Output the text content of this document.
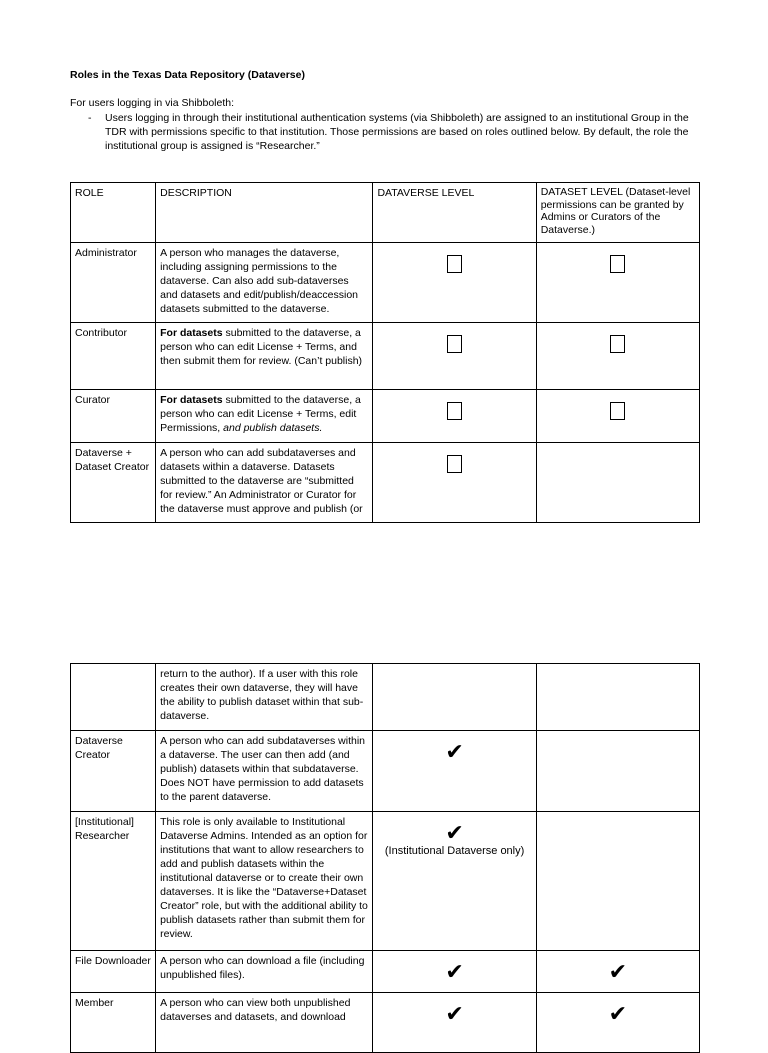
Roles in the Texas Data Repository (Dataverse)
For users logging in via Shibboleth:
- Users logging in through their institutional authentication systems (via Shibboleth) are assigned to an institutional Group in the TDR with permissions specific to that institution. Those permissions are based on roles outlined below. By default, the role the institutional group is assigned is “Researcher.”
ROLE	DESCRIPTION	DATAVERSE LEVEL	DATASET LEVEL (Dataset-level permissions can be granted by Admins or Curators of the Dataverse.)
Administrator	A person who manages the dataverse, including assigning permissions to the dataverse. Can also add sub-dataverses and datasets and edit/publish/deaccession datasets submitted to the dataverse.		
Contributor	For datasets submitted to the dataverse, a person who can edit License + Terms, and then submit them for review. (Can’t publish)		
Curator	For datasets submitted to the dataverse, a person who can edit License + Terms, edit Permissions, and publish datasets.		
Dataverse + Dataset Creator	A person who can add subdataverses and datasets within a dataverse. Datasets submitted to the dataverse are “submitted for review.” An Administrator or Curator for the dataverse must approve and publish (or		
	return to the author). If a user with this role creates their own dataverse, they will have the ability to publish dataset within that sub-dataverse.		
Dataverse Creator	A person who can add subdataverses within a dataverse. The user can then add (and publish) datasets within that subdataverse. Does NOT have permission to add datasets to the parent dataverse.	✔	

[Institutional] Researcher	This role is only available to Institutional Dataverse Admins. Intended as an option for institutions that want to allow researchers to add and publish datasets within the institutional dataverse or to create their own dataverses. It is like the “Dataverse+Dataset Creator” role, but with the additional ability to publish datasets rather than submit them for review.	✔
(Institutional Dataverse only)	

File Downloader	A person who can download a file (including unpublished files).	✔	✔

Member	A person who can view both unpublished dataverses and datasets, and download	✔	✔
